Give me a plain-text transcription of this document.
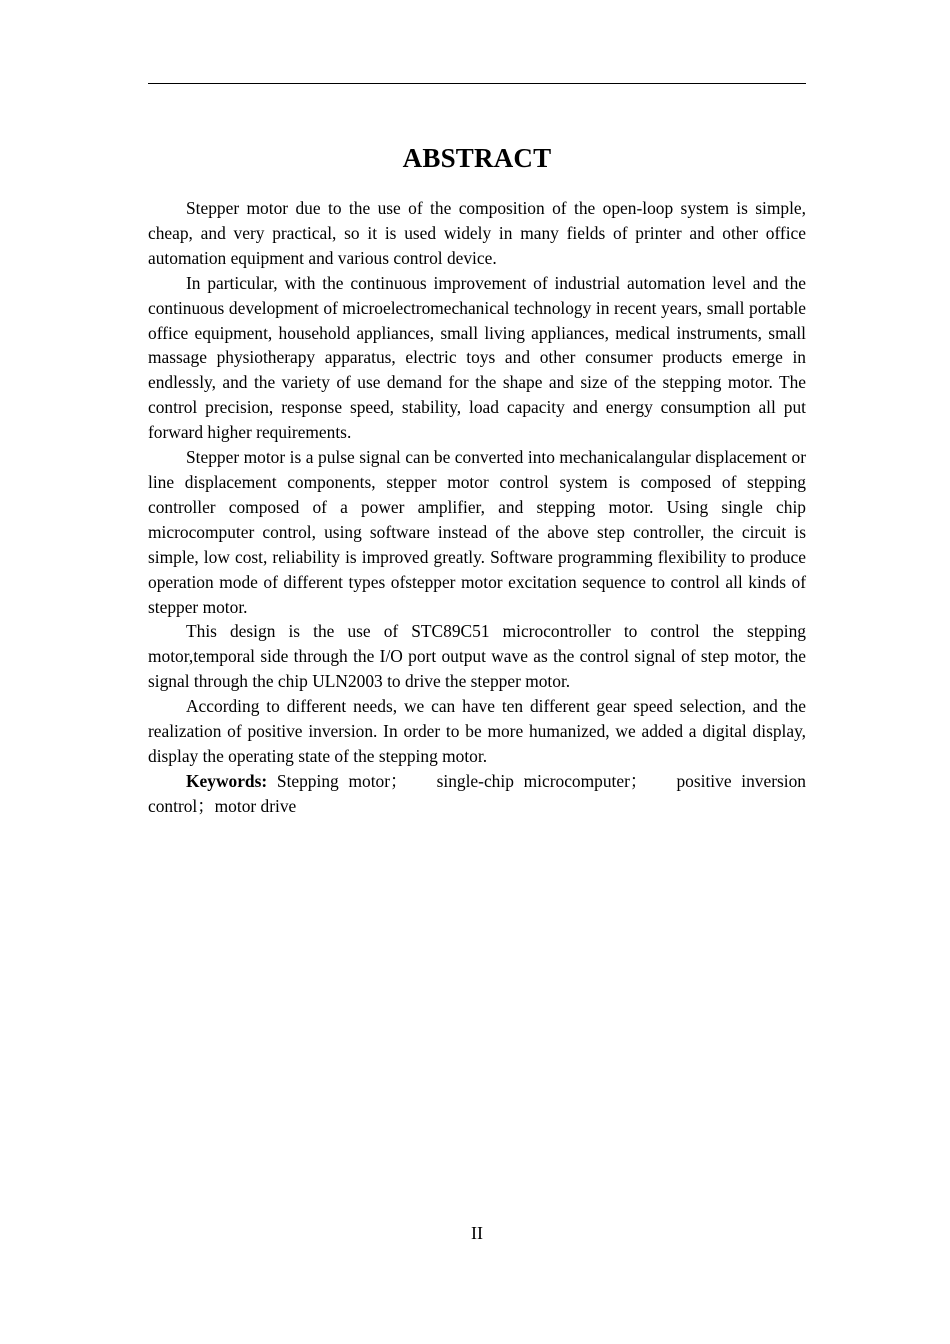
ABSTRACT

Stepper motor due to the use of the composition of the open-loop system is simple, cheap, and very practical, so it is used widely in many fields of printer and other office automation equipment and various control device.

In particular, with the continuous improvement of industrial automation level and the continuous development of microelectromechanical technology in recent years, small portable office equipment, household appliances, small living appliances, medical instruments, small massage physiotherapy apparatus, electric toys and other consumer products emerge in endlessly, and the variety of use demand for the shape and size of the stepping motor. The control precision, response speed, stability, load capacity and energy consumption all put forward higher requirements.

Stepper motor is a pulse signal can be converted into mechanicalangular displacement or line displacement components, stepper motor control system is composed of stepping controller composed of a power amplifier, and stepping motor. Using single chip microcomputer control, using software instead of the above step controller, the circuit is simple, low cost, reliability is improved greatly. Software programming flexibility to produce operation mode of different types ofstepper motor excitation sequence to control all kinds of stepper motor.

This design is the use of STC89C51 microcontroller to control the stepping motor,temporal side through the I/O port output wave as the control signal of step motor, the signal through the chip ULN2003 to drive the stepper motor.

According to different needs, we can have ten different gear speed selection, and the realization of positive inversion. In order to be more humanized, we added a digital display, display the operating state of the stepping motor.

Keywords: Stepping motor；   single-chip microcomputer；   positive inversion control；motor drive

II
